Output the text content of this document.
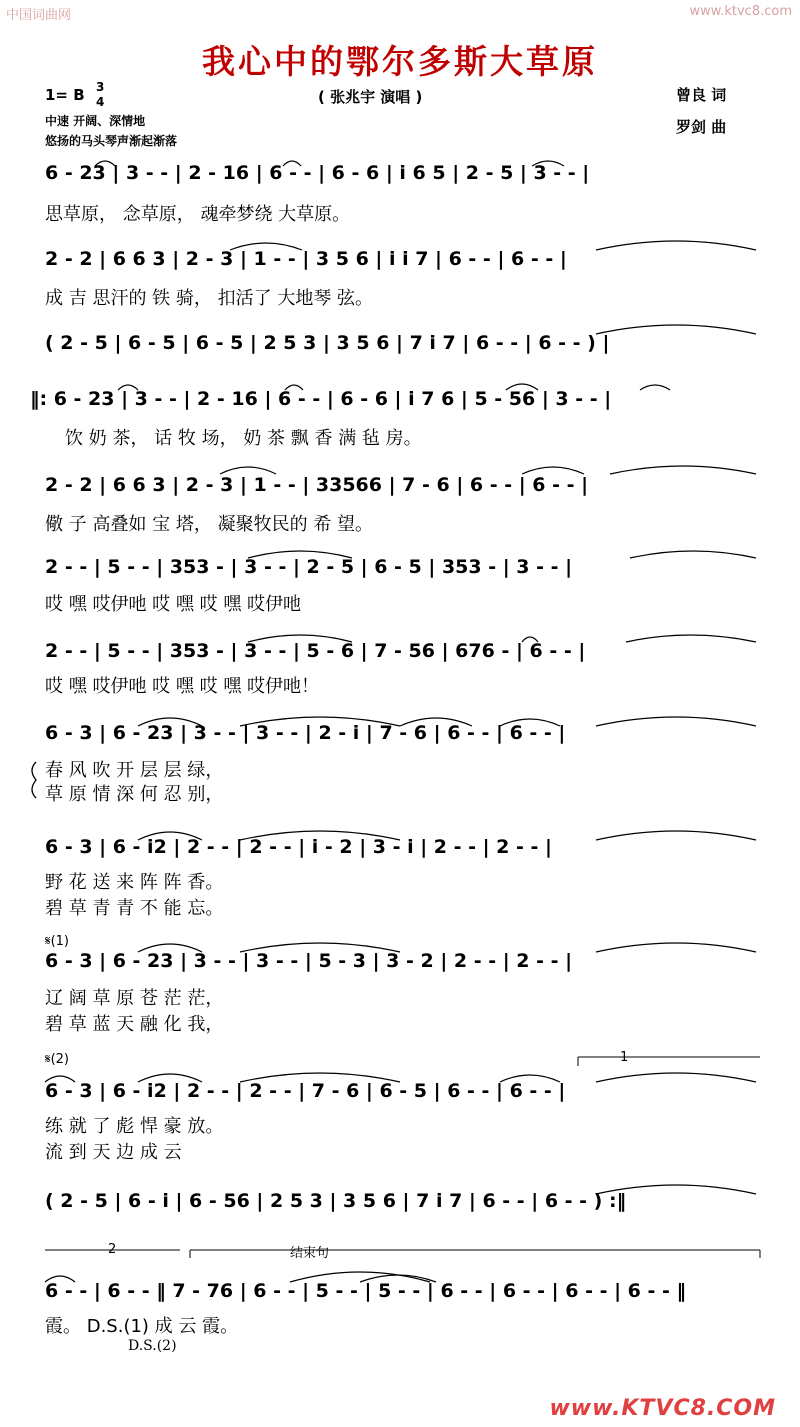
中国词曲网	www.ktvc8.com
我心中的鄂尔多斯大草原
1= B 3
4	( 张兆宇 演唱 )	曾良 词
罗剑 曲
中速 开阔、深情地
悠扬的马头琴声渐起渐落
6 - 23 | 3 - - | 2 - 16 | 6 - - | 6 - 6 | i 6 5 | 2 - 5 | 3 - - |
思草原， 念草原， 魂牵梦绕 大草原。
2 - 2 | 6 6 3 | 2 - 3 | 1 - - | 3 5 6 | i i 7 | 6 - - | 6 - - |
成 吉 思汗的 铁 骑， 扣活了 大地琴 弦。
( 2 - 5 | 6 - 5 | 6 - 5 | 2 5 3 | 3 5 6 | 7 i 7 | 6 - - | 6 - - ) |
‖: 6 - 23 | 3 - - | 2 - 16 | 6 - - | 6 - 6 | i 7 6 | 5 - 56 | 3 - - |
饮 奶 茶， 话 牧 场， 奶 茶 飘 香 满 毡 房。
2 - 2 | 6 6 3 | 2 - 3 | 1 - - | 33566 | 7 - 6 | 6 - - | 6 - - |
儆 子 高叠如 宝 塔， 凝聚牧民的 希 望。
2 - - | 5 - - | 353 - | 3 - - | 2 - 5 | 6 - 5 | 353 - | 3 - - |
哎 嘿 哎伊吔 哎 嘿 哎 嘿 哎伊吔
2 - - | 5 - - | 353 - | 3 - - | 5 - 6 | 7 - 56 | 676 - | 6 - - |
哎 嘿 哎伊吔 哎 嘿 哎 嘿 哎伊吔！
6 - 3 | 6 - 23 | 3 - - | 3 - - | 2 - i | 7 - 6 | 6 - - | 6 - - |
春 风 吹 开 层 层 绿，
草 原 情 深 何 忍 别，
6 - 3 | 6 - i2 | 2 - - | 2 - - | i - 2 | 3 - i | 2 - - | 2 - - |
野 花 送 来 阵 阵 香。
碧 草 青 青 不 能 忘。
𝄋(1)
6 - 3 | 6 - 23 | 3 - - | 3 - - | 5 - 3 | 3 - 2 | 2 - - | 2 - - |
辽 阔 草 原 苍 茫 茫，
碧 草 蓝 天 融 化 我，
𝄋(2)	1
6 - 3 | 6 - i2 | 2 - - | 2 - - | 7 - 6 | 6 - 5 | 6 - - | 6 - - |
练 就 了 彪 悍 豪 放。
流 到 天 边 成 云
( 2 - 5 | 6 - i | 6 - 56 | 2 5 3 | 3 5 6 | 7 i 7 | 6 - - | 6 - - ) :‖
2	结束句
6 - - | 6 - - ‖ 7 - 76 | 6 - - | 5 - - | 5 - - | 6 - - | 6 - - | 6 - - | 6 - - ‖
霞。 D.S.(1) 成 云 霞。
D.S.(2)
www.KTVC8.COM
